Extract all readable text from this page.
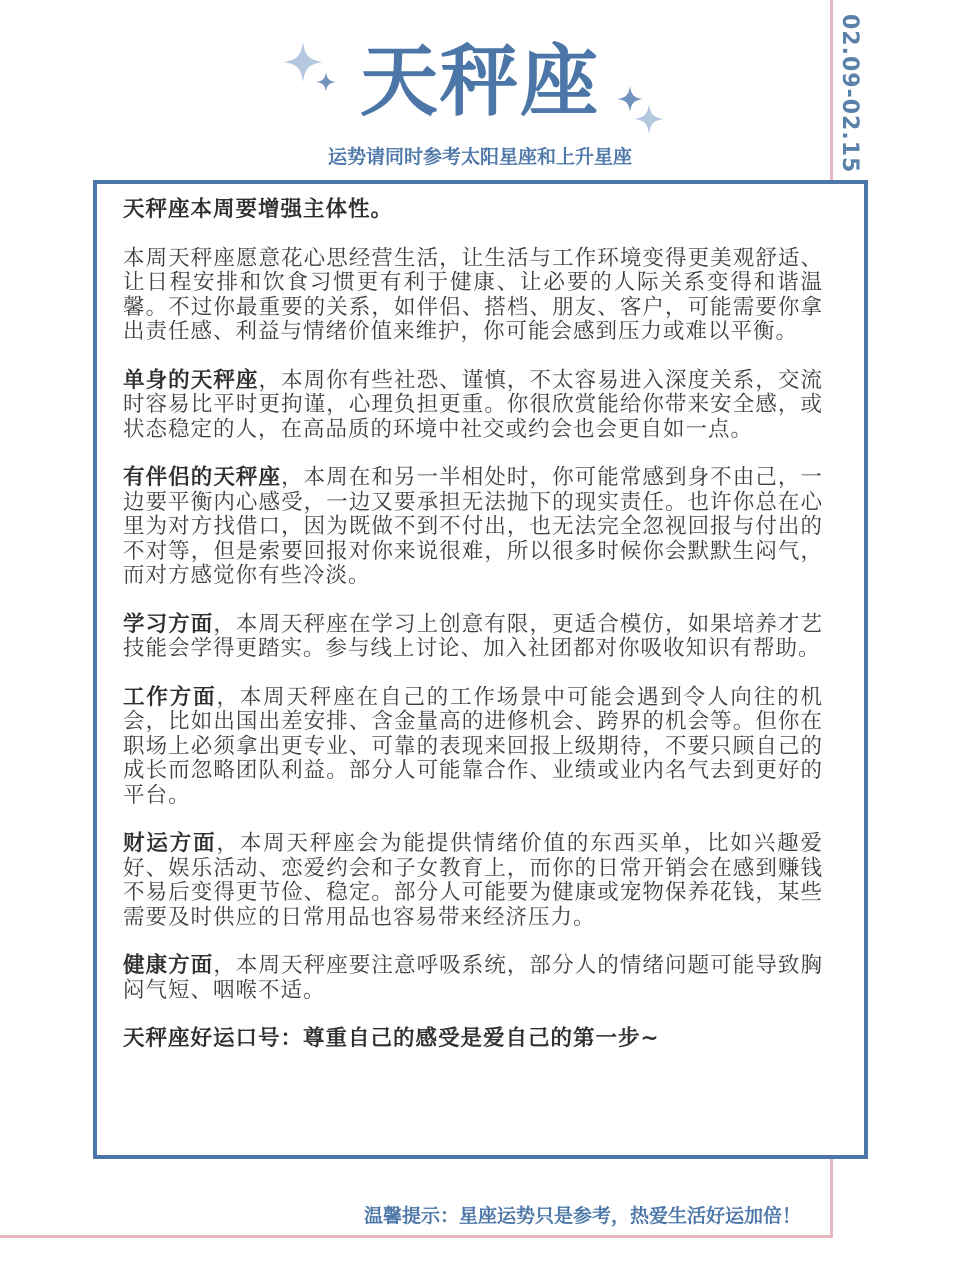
02.09-02.15
天秤座
运势请同时参考太阳星座和上升星座

天秤座本周要增强主体性。

本周天秤座愿意花心思经营生活，让生活与工作环境变得更美观舒适、让日程安排和饮食习惯更有利于健康、让必要的人际关系变得和谐温馨。不过你最重要的关系，如伴侣、搭档、朋友、客户，可能需要你拿出责任感、利益与情绪价值来维护，你可能会感到压力或难以平衡。

单身的天秤座，本周你有些社恐、谨慎，不太容易进入深度关系，交流时容易比平时更拘谨，心理负担更重。你很欣赏能给你带来安全感，或状态稳定的人，在高品质的环境中社交或约会也会更自如一点。

有伴侣的天秤座，本周在和另一半相处时，你可能常感到身不由己，一边要平衡内心感受，一边又要承担无法抛下的现实责任。也许你总在心里为对方找借口，因为既做不到不付出，也无法完全忽视回报与付出的不对等，但是索要回报对你来说很难，所以很多时候你会默默生闷气，而对方感觉你有些冷淡。

学习方面，本周天秤座在学习上创意有限，更适合模仿，如果培养才艺技能会学得更踏实。参与线上讨论、加入社团都对你吸收知识有帮助。

工作方面，本周天秤座在自己的工作场景中可能会遇到令人向往的机会，比如出国出差安排、含金量高的进修机会、跨界的机会等。但你在职场上必须拿出更专业、可靠的表现来回报上级期待，不要只顾自己的成长而忽略团队利益。部分人可能靠合作、业绩或业内名气去到更好的平台。

财运方面，本周天秤座会为能提供情绪价值的东西买单，比如兴趣爱好、娱乐活动、恋爱约会和子女教育上，而你的日常开销会在感到赚钱不易后变得更节俭、稳定。部分人可能要为健康或宠物保养花钱，某些需要及时供应的日常用品也容易带来经济压力。

健康方面，本周天秤座要注意呼吸系统，部分人的情绪问题可能导致胸闷气短、咽喉不适。

天秤座好运口号：尊重自己的感受是爱自己的第一步~

温馨提示：星座运势只是参考，热爱生活好运加倍！
